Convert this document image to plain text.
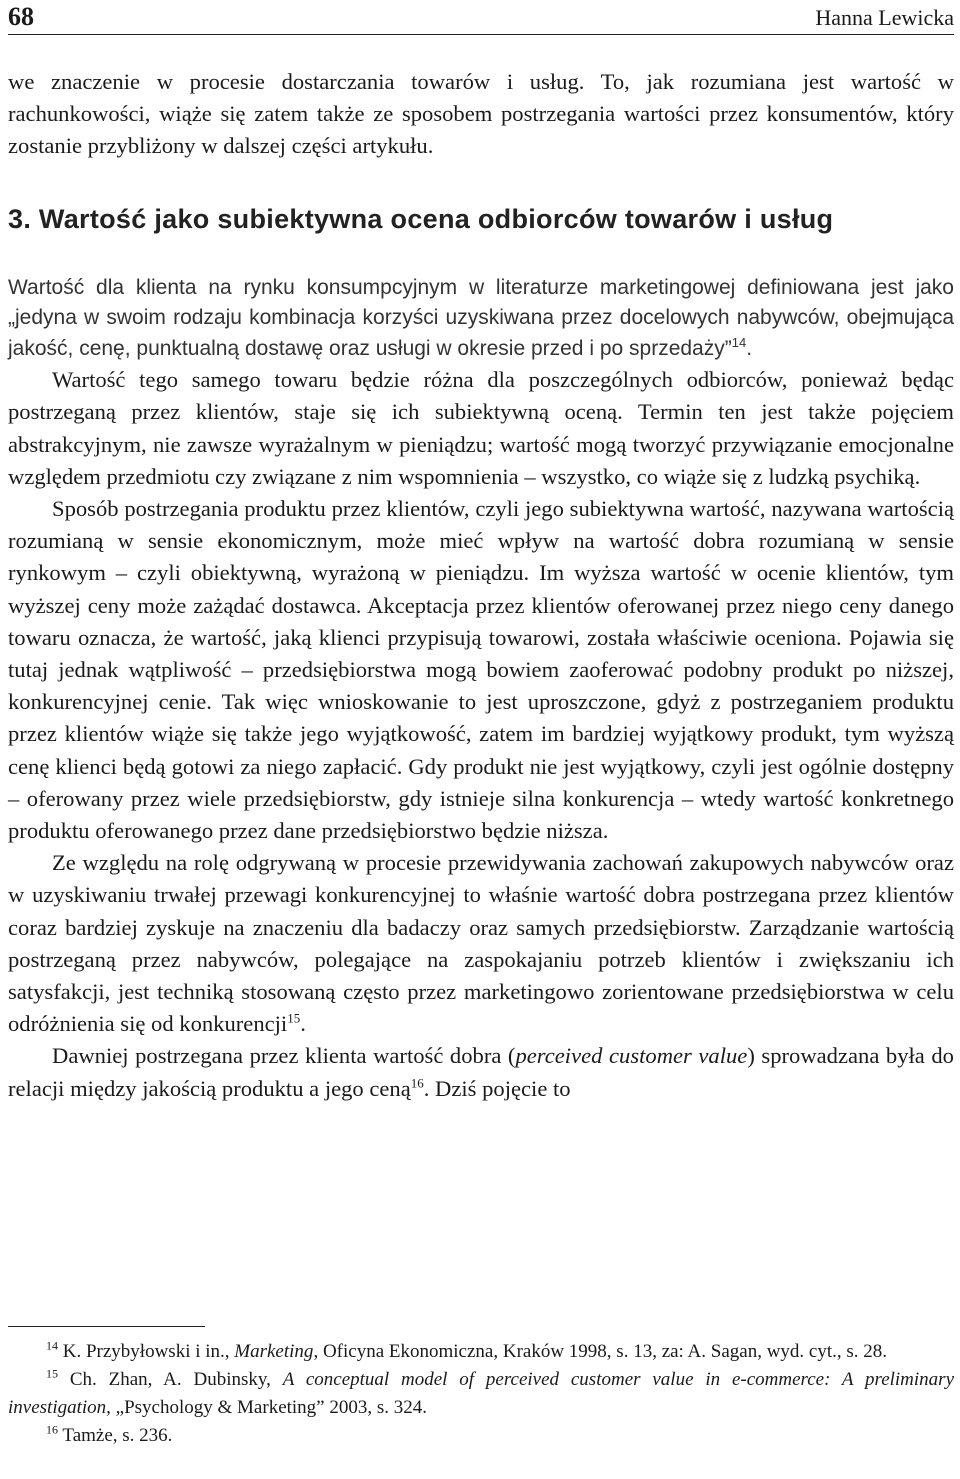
68	Hanna Lewicka

we znaczenie w procesie dostarczania towarów i usług. To, jak rozumiana jest wartość w rachunkowości, wiąże się zatem także ze sposobem postrzegania wartości przez konsumentów, który zostanie przybliżony w dalszej części artykułu.

3. Wartość jako subiektywna ocena odbiorców towarów i usług

Wartość dla klienta na rynku konsumpcyjnym w literaturze marketingowej definiowana jest jako „jedyna w swoim rodzaju kombinacja korzyści uzyskiwana przez docelowych nabywców, obejmująca jakość, cenę, punktualną dostawę oraz usługi w okresie przed i po sprzedaży”$^{14}$.

Wartość tego samego towaru będzie różna dla poszczególnych odbiorców, ponieważ będąc postrzeganą przez klientów, staje się ich subiektywną oceną. Termin ten jest także pojęciem abstrakcyjnym, nie zawsze wyrażalnym w pieniądzu; wartość mogą tworzyć przywiązanie emocjonalne względem przedmiotu czy związane z nim wspomnienia – wszystko, co wiąże się z ludzką psychiką.

Sposób postrzegania produktu przez klientów, czyli jego subiektywna wartość, nazywana wartością rozumianą w sensie ekonomicznym, może mieć wpływ na wartość dobra rozumianą w sensie rynkowym – czyli obiektywną, wyrażoną w pieniądzu. Im wyższa wartość w ocenie klientów, tym wyższej ceny może zażądać dostawca. Akceptacja przez klientów oferowanej przez niego ceny danego towaru oznacza, że wartość, jaką klienci przypisują towarowi, została właściwie oceniona. Pojawia się tutaj jednak wątpliwość – przedsiębiorstwa mogą bowiem zaoferować podobny produkt po niższej, konkurencyjnej cenie. Tak więc wnioskowanie to jest uproszczone, gdyż z postrzeganiem produktu przez klientów wiąże się także jego wyjątkowość, zatem im bardziej wyjątkowy produkt, tym wyższą cenę klienci będą gotowi za niego zapłacić. Gdy produkt nie jest wyjątkowy, czyli jest ogólnie dostępny – oferowany przez wiele przedsiębiorstw, gdy istnieje silna konkurencja – wtedy wartość konkretnego produktu oferowanego przez dane przedsiębiorstwo będzie niższa.

Ze względu na rolę odgrywaną w procesie przewidywania zachowań zakupowych nabywców oraz w uzyskiwaniu trwałej przewagi konkurencyjnej to właśnie wartość dobra postrzegana przez klientów coraz bardziej zyskuje na znaczeniu dla badaczy oraz samych przedsiębiorstw. Zarządzanie wartością postrzeganą przez nabywców, polegające na zaspokajaniu potrzeb klientów i zwiększaniu ich satysfakcji, jest techniką stosowaną często przez marketingowo zorientowane przedsiębiorstwa w celu odróżnienia się od konkurencji$^{15}$.

Dawniej postrzegana przez klienta wartość dobra (perceived customer value) sprowadzana była do relacji między jakością produktu a jego ceną$^{16}$. Dziś pojęcie to

$^{14}$ K. Przybyłowski i in., Marketing, Oficyna Ekonomiczna, Kraków 1998, s. 13, za: A. Sagan, wyd. cyt., s. 28.

$^{15}$ Ch. Zhan, A. Dubinsky, A conceptual model of perceived customer value in e-commerce: A preliminary investigation, „Psychology & Marketing” 2003, s. 324.

$^{16}$ Tamże, s. 236.
